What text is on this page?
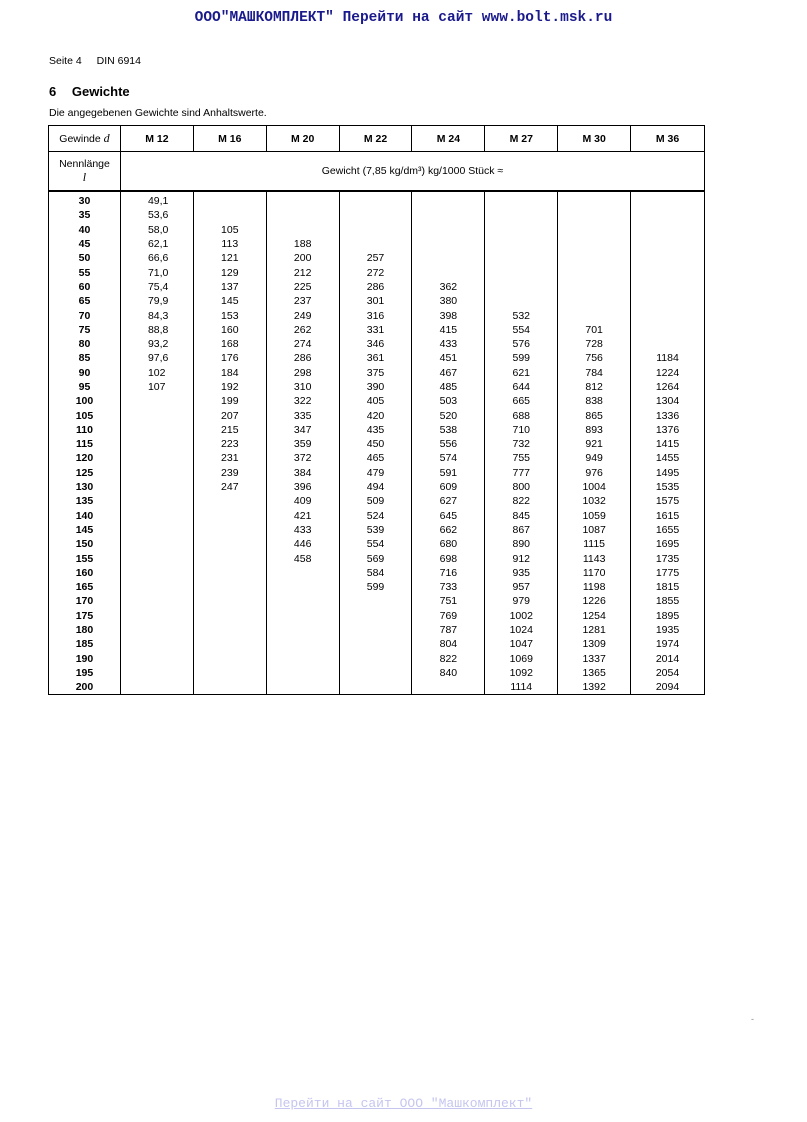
ООО"МАШКОМПЛЕКТ" Перейти на сайт www.bolt.msk.ru
Seite 4 DIN 6914
6 Gewichte
Die angegebenen Gewichte sind Anhaltswerte.
Gewinde d	M 12	M 16	M 20	M 22	M 24	M 27	M 30	M 36
Nennlänge
l	Gewicht (7,85 kg/dm³) kg/1000 Stück ≈							
30	49,1							
35	53,6							
40	58,0	105						
45	62,1	113	188					
50	66,6	121	200	257				
55	71,0	129	212	272				
60	75,4	137	225	286	362			
65	79,9	145	237	301	380			
70	84,3	153	249	316	398	532		
75	88,8	160	262	331	415	554	701	
80	93,2	168	274	346	433	576	728	
85	97,6	176	286	361	451	599	756	1184
90	102	184	298	375	467	621	784	1224
95	107	192	310	390	485	644	812	1264
100		199	322	405	503	665	838	1304
105		207	335	420	520	688	865	1336
110		215	347	435	538	710	893	1376
115		223	359	450	556	732	921	1415
120		231	372	465	574	755	949	1455
125		239	384	479	591	777	976	1495
130		247	396	494	609	800	1004	1535
135			409	509	627	822	1032	1575
140			421	524	645	845	1059	1615
145			433	539	662	867	1087	1655
150			446	554	680	890	1115	1695
155			458	569	698	912	1143	1735
160				584	716	935	1170	1775
165				599	733	957	1198	1815
170					751	979	1226	1855
175					769	1002	1254	1895
180					787	1024	1281	1935
185					804	1047	1309	1974
190					822	1069	1337	2014
195					840	1092	1365	2054
200						1114	1392	2094
-
Перейти на сайт ООО "Машкомплект"
